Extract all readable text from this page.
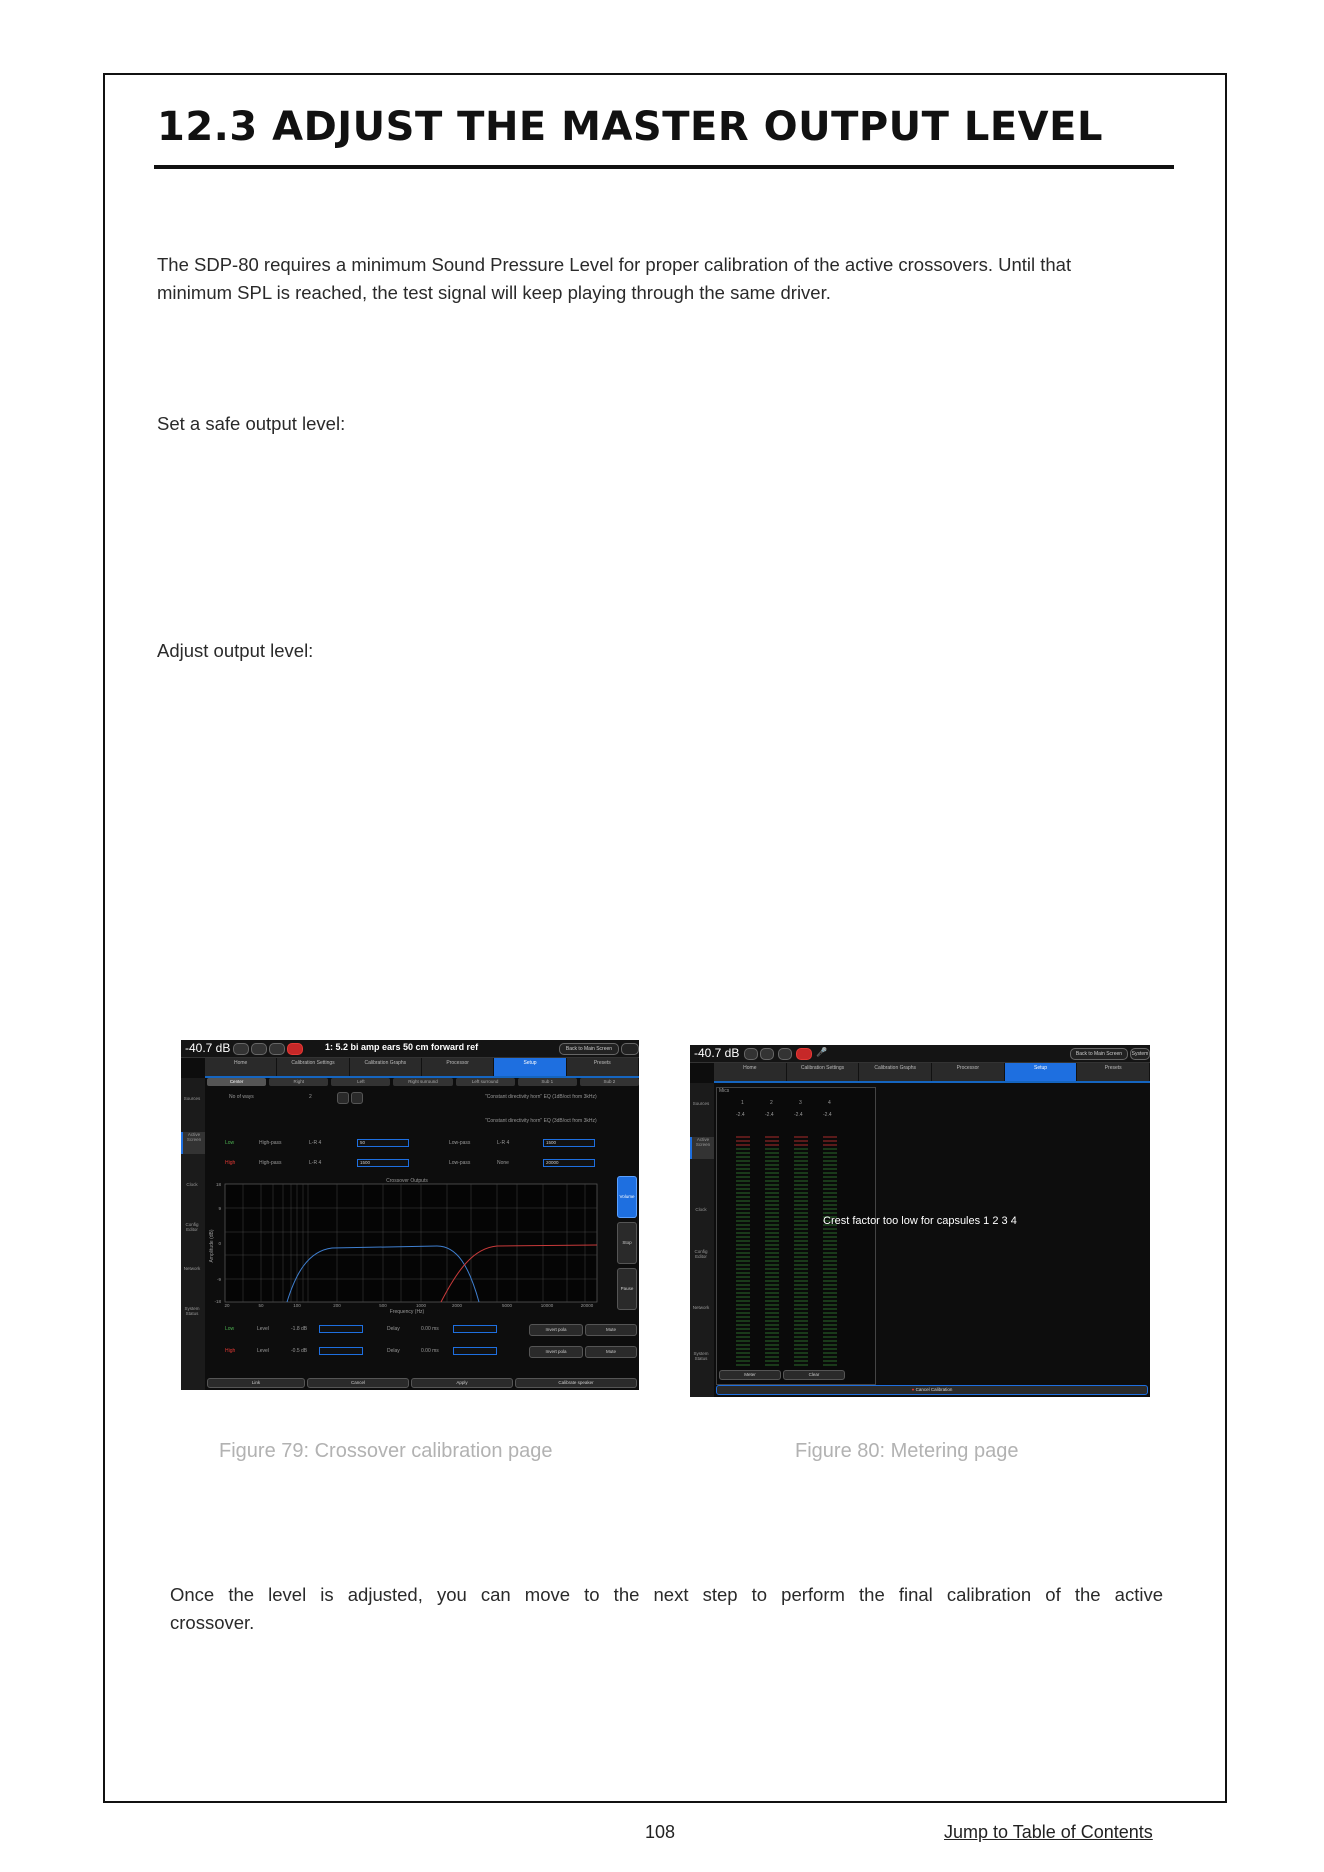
12.3 ADJUST THE MASTER OUTPUT LEVEL

The SDP-80 requires a minimum Sound Pressure Level for proper calibration of the active crossovers. Until that

minimum SPL is reached, the test signal will keep playing through the same driver.

Set a safe output level:

Adjust output level:

-40.7 dB	1: 5.2 bi amp ears 50 cm forward ref	Back to Main Screen
Home	Calibration Settings	Calibration Graphs	Processor	Setup	Presets
Sources
Active Screen
Clock
Config Editor
Network
System Status
Center	Right	Left	Right surround	Left surround	Sub 1	Sub 2
No of ways	2	"Constant directivity horn" EQ (1dB/oct from 3kHz)
"Constant directivity horn" EQ (3dB/oct from 3kHz)
Low	High-pass	L-R 4	50	Low-pass	L-R 4	1500
High	High-pass	L-R 4	1500	Low-pass	None	20000
Crossover Outputs
Amplitude (dB)
Frequency (Hz)
18
9
0
-9
-18
20	50	100	200	500	1000	2000	5000	10000	20000
Volume
Stop
Pause
Low	Level	-1.8 dB	Delay	0.00 ms	Invert pola	Mute
High	Level	-0.5 dB	Delay	0.00 ms	Invert pola	Mute
Link	Cancel	Apply	Calibrate speaker
-40.7 dB	🎤	Back to Main Screen	System
Home	Calibration Settings	Calibration Graphs	Processor	Setup	Presets
Sources
Active Screen
Clock
Config Editor
Network
System Status
Mics
1	2	3	4
-2.4	-2.4	-2.4	-2.4
Meter	Clear
Crest factor too low for capsules 1 2 3 4
● Cancel Calibration
Figure 79: Crossover calibration page	Figure 80: Metering page

Once the level is adjusted, you can move to the next step to perform the final calibration of the active

crossover.

108	Jump to Table of Contents
